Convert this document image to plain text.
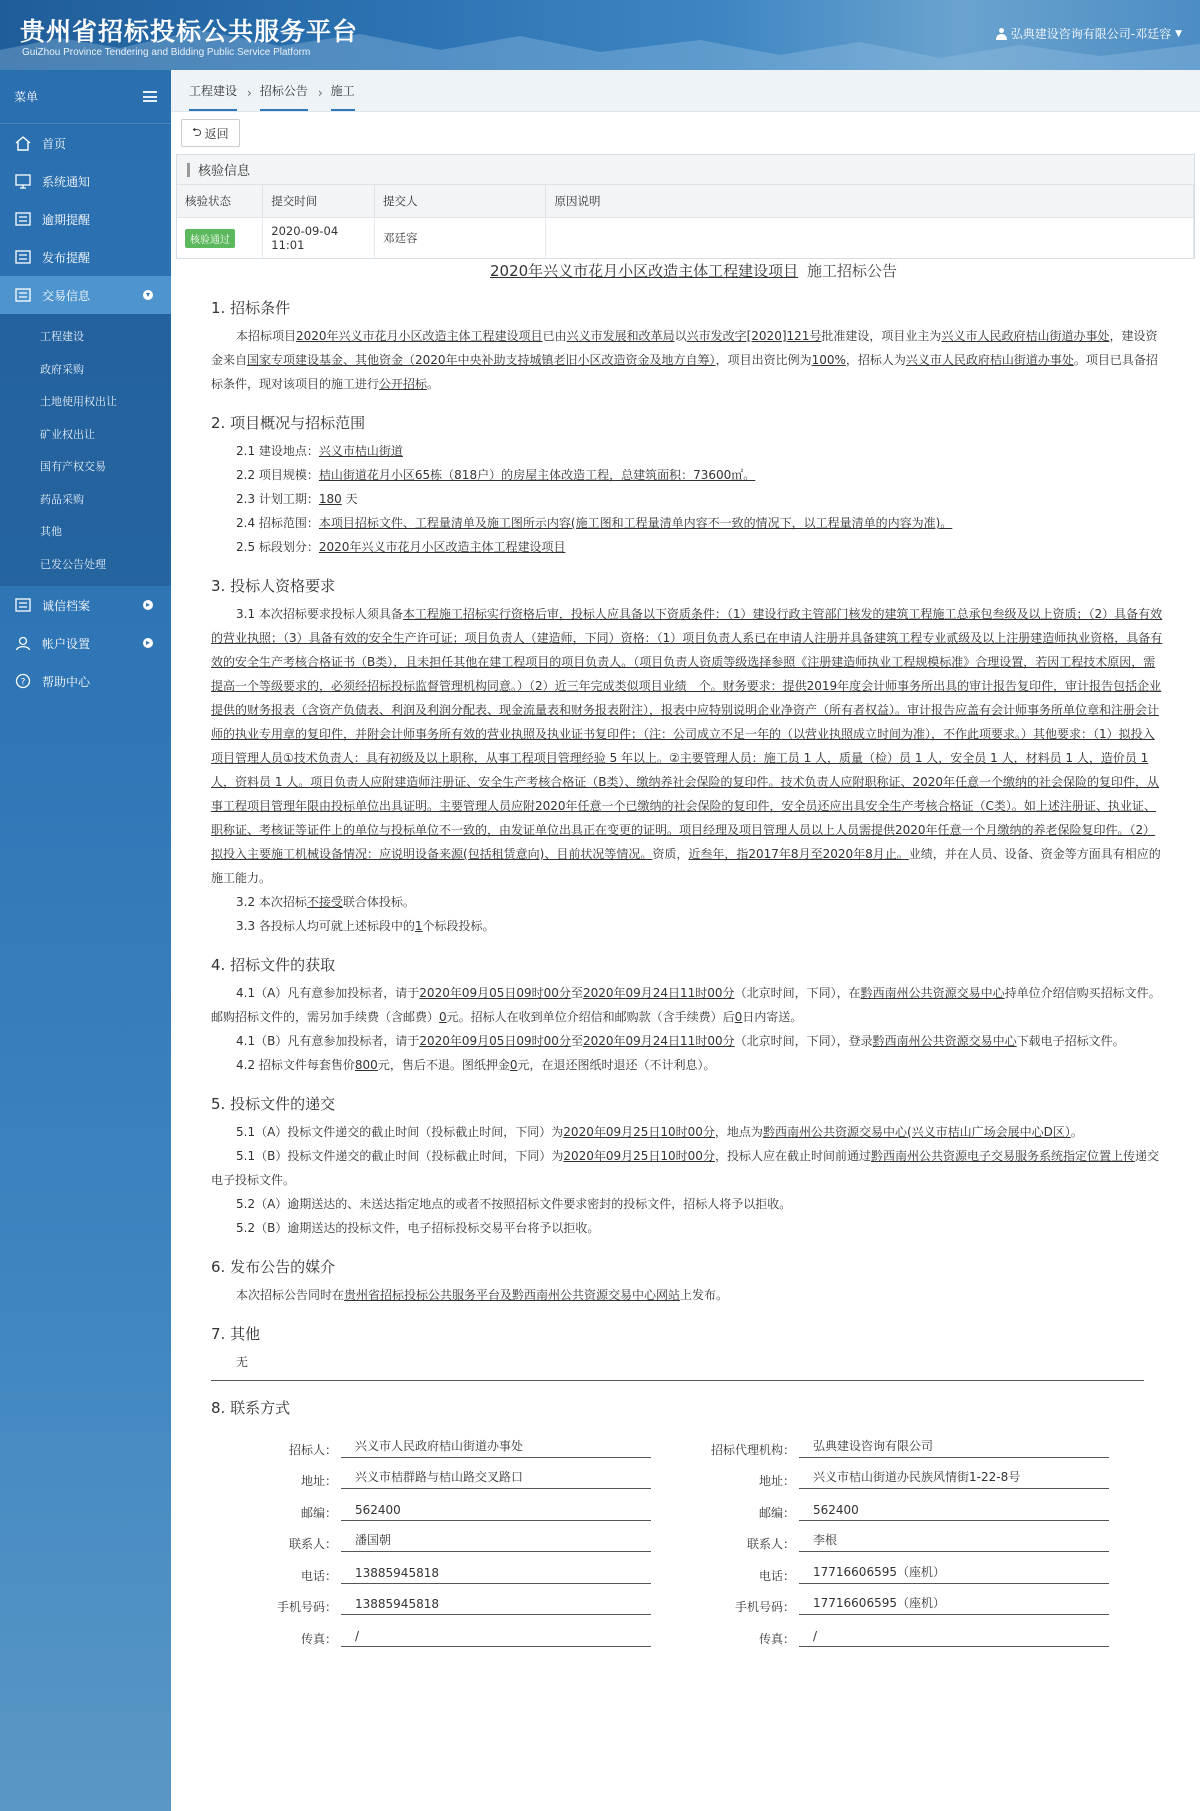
贵州省招标投标公共服务平台
GuiZhou Province Tendering and Bidding Public Service Platform
弘典建设咨询有限公司-邓廷容 ▼
菜单
首页
系统通知
逾期提醒
发布提醒
交易信息	▾
工程建设
政府采购
土地使用权出让
矿业权出让
国有产权交易
药品采购
其他
已发公告处理
诚信档案	▸
帐户设置	▸
? 帮助中心
工程建设 › 招标公告 › 施工
⮌ 返回
核验信息
核验状态	提交时间	提交人	原因说明
核验通过	2020-09-04 11:01	邓廷容	
2020年兴义市花月小区改造主体工程建设项目 施工招标公告
1. 招标条件
本招标项目2020年兴义市花月小区改造主体工程建设项目已由兴义市发展和改革局以兴市发改字[2020]121号批准建设，项目业主为兴义市人民政府桔山街道办事处，建设资金来自国家专项建设基金、其他资金（2020年中央补助支持城镇老旧小区改造资金及地方自筹），项目出资比例为100%，招标人为兴义市人民政府桔山街道办事处。项目已具备招标条件，现对该项目的施工进行公开招标。
2. 项目概况与招标范围
2.1 建设地点：兴义市桔山街道
2.2 项目规模：桔山街道花月小区65栋（818户）的房屋主体改造工程，总建筑面积：73600㎡。
2.3 计划工期：180 天
2.4 招标范围：本项目招标文件、工程量清单及施工图所示内容(施工图和工程量清单内容不一致的情况下，以工程量清单的内容为准)。
2.5 标段划分：2020年兴义市花月小区改造主体工程建设项目
3. 投标人资格要求
3.1 本次招标要求投标人须具备本工程施工招标实行资格后审，投标人应具备以下资质条件：（1）建设行政主管部门核发的建筑工程施工总承包叁级及以上资质；（2）具备有效的营业执照；（3）具备有效的安全生产许可证；项目负责人（建造师，下同）资格：（1）项目负责人系已在申请人注册并具备建筑工程专业贰级及以上注册建造师执业资格，具备有效的安全生产考核合格证书（B类），且未担任其他在建工程项目的项目负责人。（项目负责人资质等级选择参照《注册建造师执业工程规模标准》合理设置，若因工程技术原因，需提高一个等级要求的，必须经招标投标监督管理机构同意。）（2）近三年完成类似项目业绩　个。财务要求：提供2019年度会计师事务所出具的审计报告复印件，审计报告包括企业提供的财务报表（含资产负债表、利润及利润分配表、现金流量表和财务报表附注），报表中应特别说明企业净资产（所有者权益）。审计报告应盖有会计师事务所单位章和注册会计师的执业专用章的复印件，并附会计师事务所有效的营业执照及执业证书复印件；（注：公司成立不足一年的（以营业执照成立时间为准），不作此项要求。）其他要求：（1）拟投入项目管理人员①技术负责人：具有初级及以上职称，从事工程项目管理经验 5 年以上。②主要管理人员：施工员 1 人，质量（检）员 1 人，安全员 1 人，材料员 1 人，造价员 1 人，资料员 1 人。项目负责人应附建造师注册证、安全生产考核合格证（B类）、缴纳养社会保险的复印件。技术负责人应附职称证、2020年任意一个缴纳的社会保险的复印件，从事工程项目管理年限由投标单位出具证明。主要管理人员应附2020年任意一个已缴纳的社会保险的复印件，安全员还应出具安全生产考核合格证（C类）。如上述注册证、执业证、职称证、考核证等证件上的单位与投标单位不一致的，由发证单位出具正在变更的证明。项目经理及项目管理人员以上人员需提供2020年任意一个月缴纳的养老保险复印件。（2）拟投入主要施工机械设备情况：应说明设备来源(包括租赁意向)、目前状况等情况。资质，近叁年，指2017年8月至2020年8月止。业绩，并在人员、设备、资金等方面具有相应的施工能力。
3.2 本次招标不接受联合体投标。
3.3 各投标人均可就上述标段中的1个标段投标。
4. 招标文件的获取
4.1（A）凡有意参加投标者，请于2020年09月05日09时00分至2020年09月24日11时00分（北京时间，下同），在黔西南州公共资源交易中心持单位介绍信购买招标文件。邮购招标文件的，需另加手续费（含邮费）0元。招标人在收到单位介绍信和邮购款（含手续费）后0日内寄送。
4.1（B）凡有意参加投标者，请于2020年09月05日09时00分至2020年09月24日11时00分（北京时间，下同），登录黔西南州公共资源交易中心下载电子招标文件。
4.2 招标文件每套售价800元，售后不退。图纸押金0元，在退还图纸时退还（不计利息）。
5. 投标文件的递交
5.1（A）投标文件递交的截止时间（投标截止时间，下同）为2020年09月25日10时00分，地点为黔西南州公共资源交易中心(兴义市桔山广场会展中心D区）。
5.1（B）投标文件递交的截止时间（投标截止时间，下同）为2020年09月25日10时00分，投标人应在截止时间前通过黔西南州公共资源电子交易服务系统指定位置上传递交电子投标文件。
5.2（A）逾期送达的、未送达指定地点的或者不按照招标文件要求密封的投标文件，招标人将予以拒收。
5.2（B）逾期送达的投标文件，电子招标投标交易平台将予以拒收。
6. 发布公告的媒介
本次招标公告同时在贵州省招标投标公共服务平台及黔西南州公共资源交易中心网站上发布。
7. 其他
无
8. 联系方式
招标人：	兴义市人民政府桔山街道办事处
地址：	兴义市桔群路与桔山路交叉路口
邮编：	562400
联系人：	潘国朝
电话：	13885945818
手机号码：	13885945818
传真：	/
招标代理机构：	弘典建设咨询有限公司
地址：	兴义市桔山街道办民族风情街1-22-8号
邮编：	562400
联系人：	李根
电话：	17716606595（座机）
手机号码：	17716606595（座机）
传真：	/
